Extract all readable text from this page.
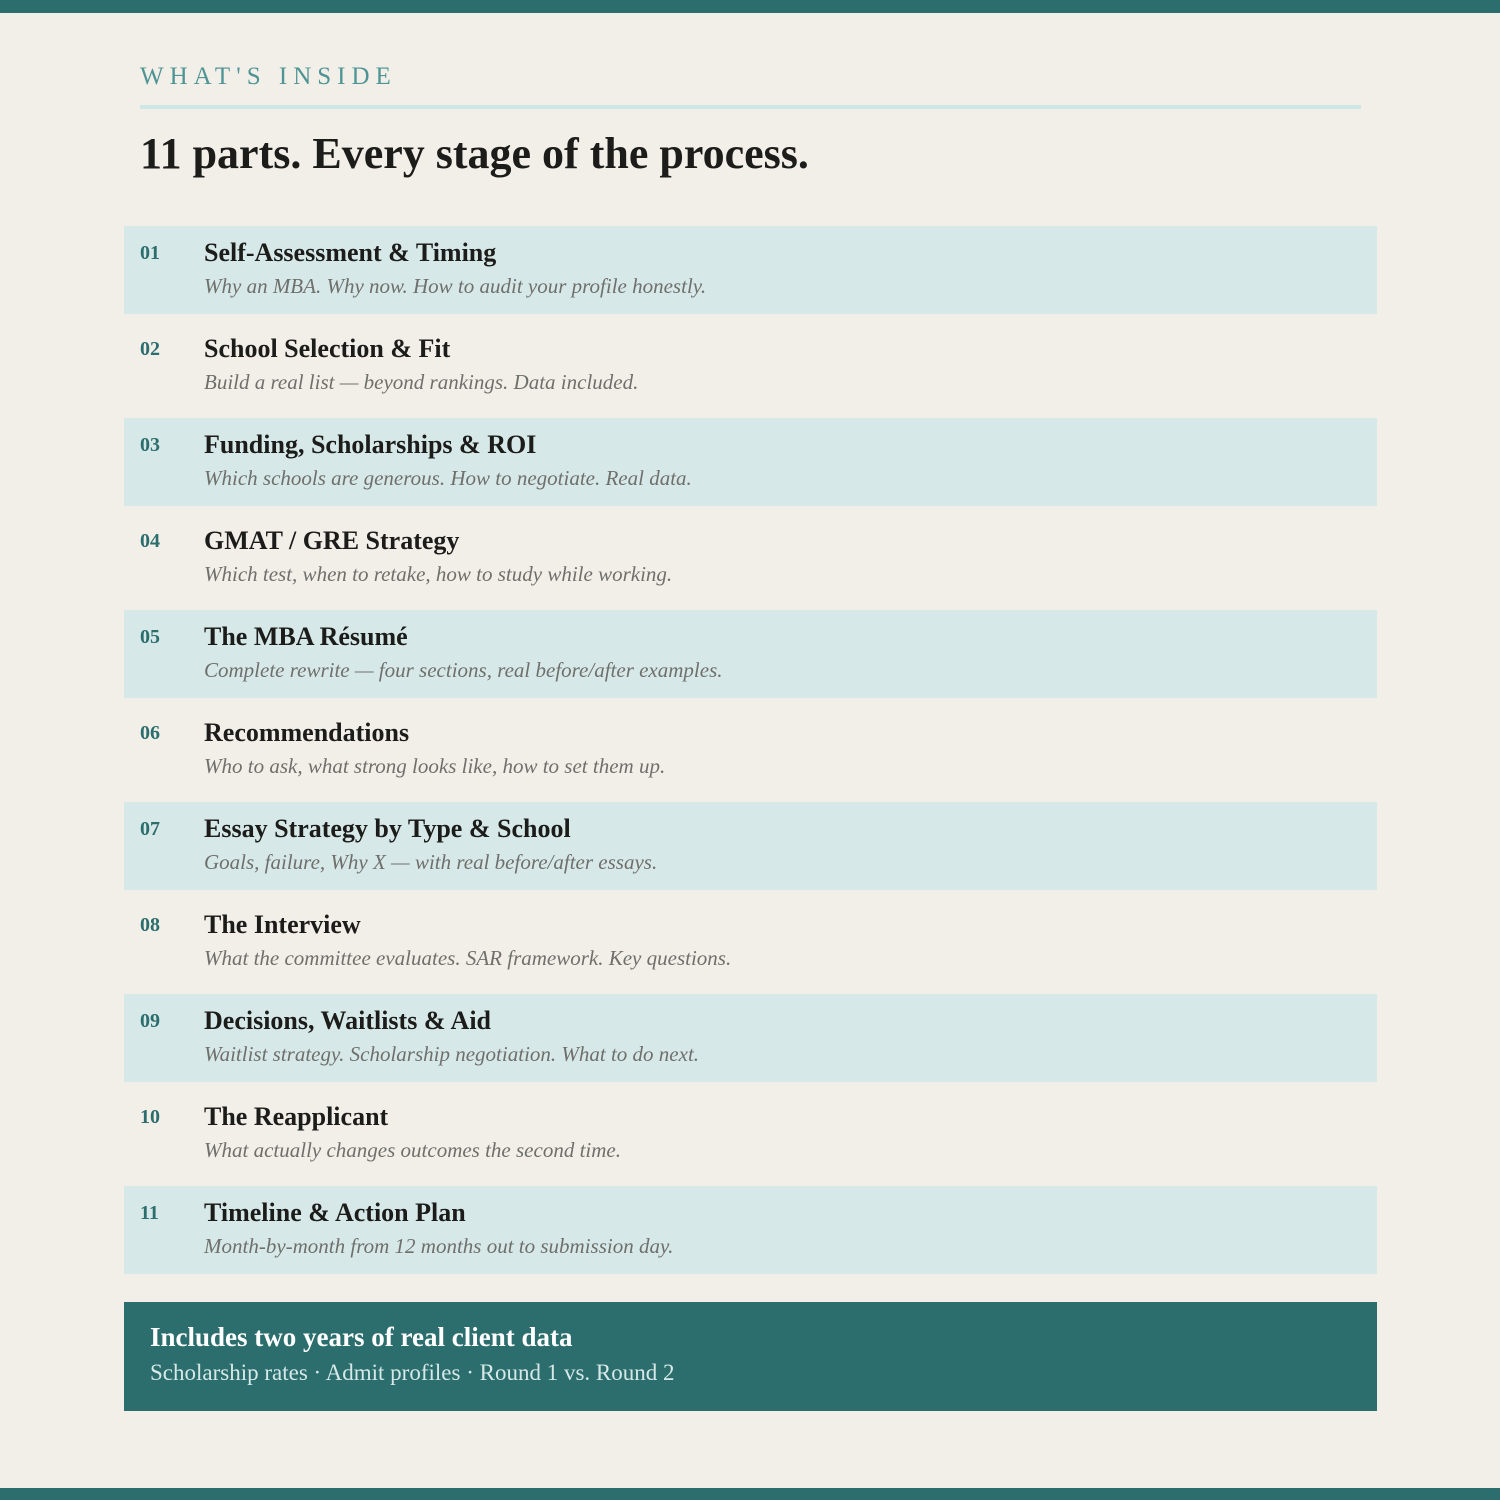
WHAT'S INSIDE
11 parts. Every stage of the process.
01 Self-Assessment & Timing
Why an MBA. Why now. How to audit your profile honestly.
02 School Selection & Fit
Build a real list — beyond rankings. Data included.
03 Funding, Scholarships & ROI
Which schools are generous. How to negotiate. Real data.
04 GMAT / GRE Strategy
Which test, when to retake, how to study while working.
05 The MBA Résumé
Complete rewrite — four sections, real before/after examples.
06 Recommendations
Who to ask, what strong looks like, how to set them up.
07 Essay Strategy by Type & School
Goals, failure, Why X — with real before/after essays.
08 The Interview
What the committee evaluates. SAR framework. Key questions.
09 Decisions, Waitlists & Aid
Waitlist strategy. Scholarship negotiation. What to do next.
10 The Reapplicant
What actually changes outcomes the second time.
11 Timeline & Action Plan
Month-by-month from 12 months out to submission day.
Includes two years of real client data
Scholarship rates · Admit profiles · Round 1 vs. Round 2
